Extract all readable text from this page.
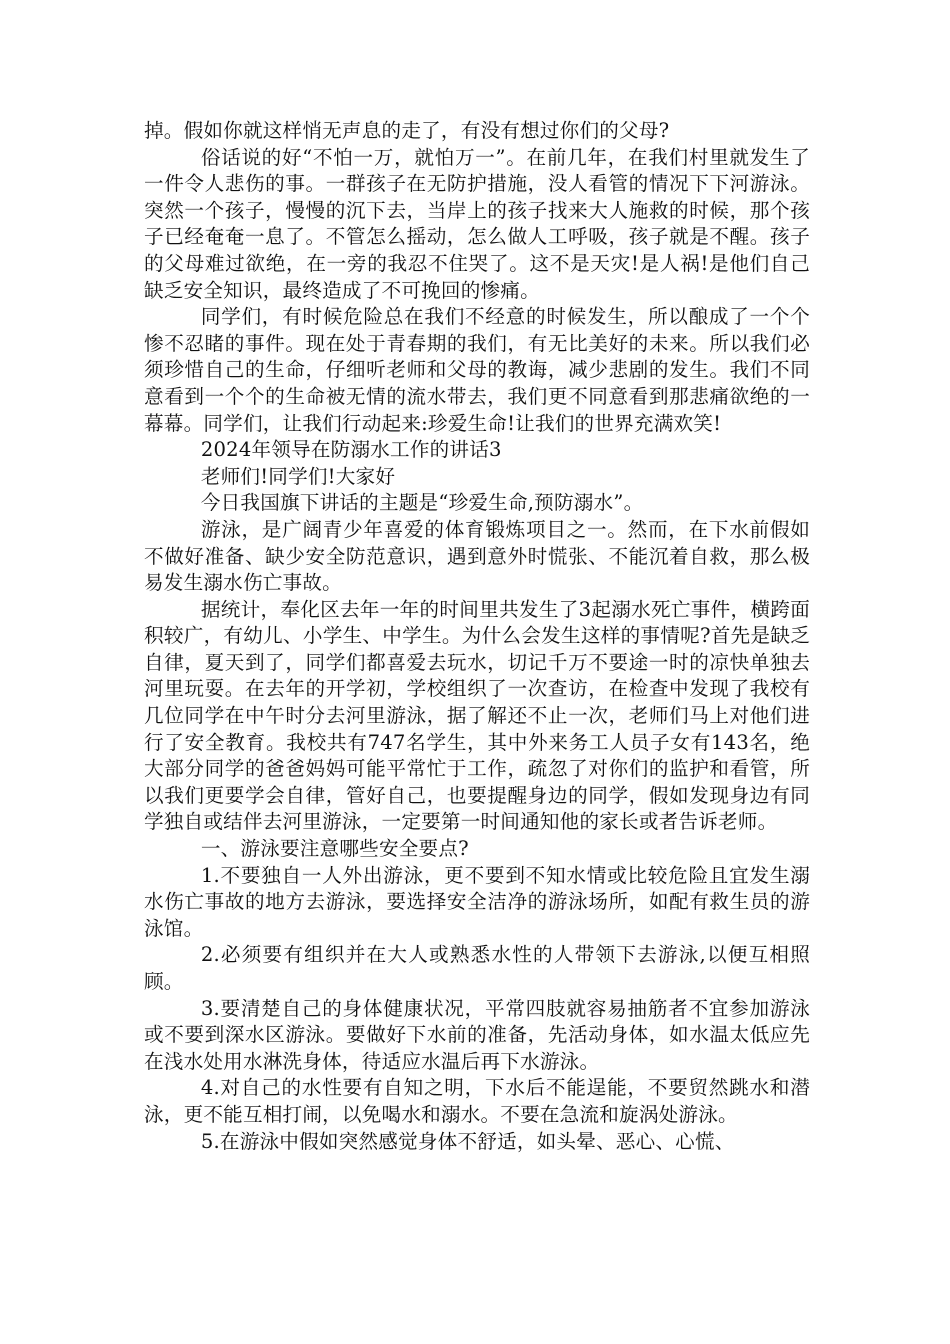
掉。假如你就这样悄无声息的走了，有没有想过你们的父母?

俗话说的好“不怕一万，就怕万一”。在前几年，在我们村里就发生了一件令人悲伤的事。一群孩子在无防护措施，没人看管的情况下下河游泳。突然一个孩子，慢慢的沉下去，当岸上的孩子找来大人施救的时候，那个孩子已经奄奄一息了。不管怎么摇动，怎么做人工呼吸，孩子就是不醒。孩子的父母难过欲绝，在一旁的我忍不住哭了。这不是天灾!是人祸!是他们自己缺乏安全知识，最终造成了不可挽回的惨痛。

同学们，有时候危险总在我们不经意的时候发生，所以酿成了一个个惨不忍睹的事件。现在处于青春期的我们，有无比美好的未来。所以我们必须珍惜自己的生命，仔细听老师和父母的教诲，减少悲剧的发生。我们不同意看到一个个的生命被无情的流水带去，我们更不同意看到那悲痛欲绝的一幕幕。同学们，让我们行动起来:珍爱生命!让我们的世界充满欢笑!

2024年领导在防溺水工作的讲话3

老师们!同学们!大家好

今日我国旗下讲话的主题是“珍爱生命,预防溺水”。

游泳，是广阔青少年喜爱的体育锻炼项目之一。然而，在下水前假如不做好准备、缺少安全防范意识，遇到意外时慌张、不能沉着自救，那么极易发生溺水伤亡事故。

据统计，奉化区去年一年的时间里共发生了3起溺水死亡事件，横跨面积较广，有幼儿、小学生、中学生。为什么会发生这样的事情呢?首先是缺乏自律，夏天到了，同学们都喜爱去玩水，切记千万不要途一时的凉快单独去河里玩耍。在去年的开学初，学校组织了一次查访，在检查中发现了我校有几位同学在中午时分去河里游泳，据了解还不止一次，老师们马上对他们进行了安全教育。我校共有747名学生，其中外来务工人员子女有143名，绝大部分同学的爸爸妈妈可能平常忙于工作，疏忽了对你们的监护和看管，所以我们更要学会自律，管好自己，也要提醒身边的同学，假如发现身边有同学独自或结伴去河里游泳，一定要第一时间通知他的家长或者告诉老师。

一、游泳要注意哪些安全要点?

1.不要独自一人外出游泳，更不要到不知水情或比较危险且宜发生溺水伤亡事故的地方去游泳，要选择安全洁净的游泳场所，如配有救生员的游泳馆。

2.必须要有组织并在大人或熟悉水性的人带领下去游泳,以便互相照顾。

3.要清楚自己的身体健康状况，平常四肢就容易抽筋者不宜参加游泳或不要到深水区游泳。要做好下水前的准备，先活动身体，如水温太低应先在浅水处用水淋洗身体，待适应水温后再下水游泳。

4.对自己的水性要有自知之明，下水后不能逞能，不要贸然跳水和潜泳，更不能互相打闹，以免喝水和溺水。不要在急流和旋涡处游泳。

5.在游泳中假如突然感觉身体不舒适，如头晕、恶心、心慌、
